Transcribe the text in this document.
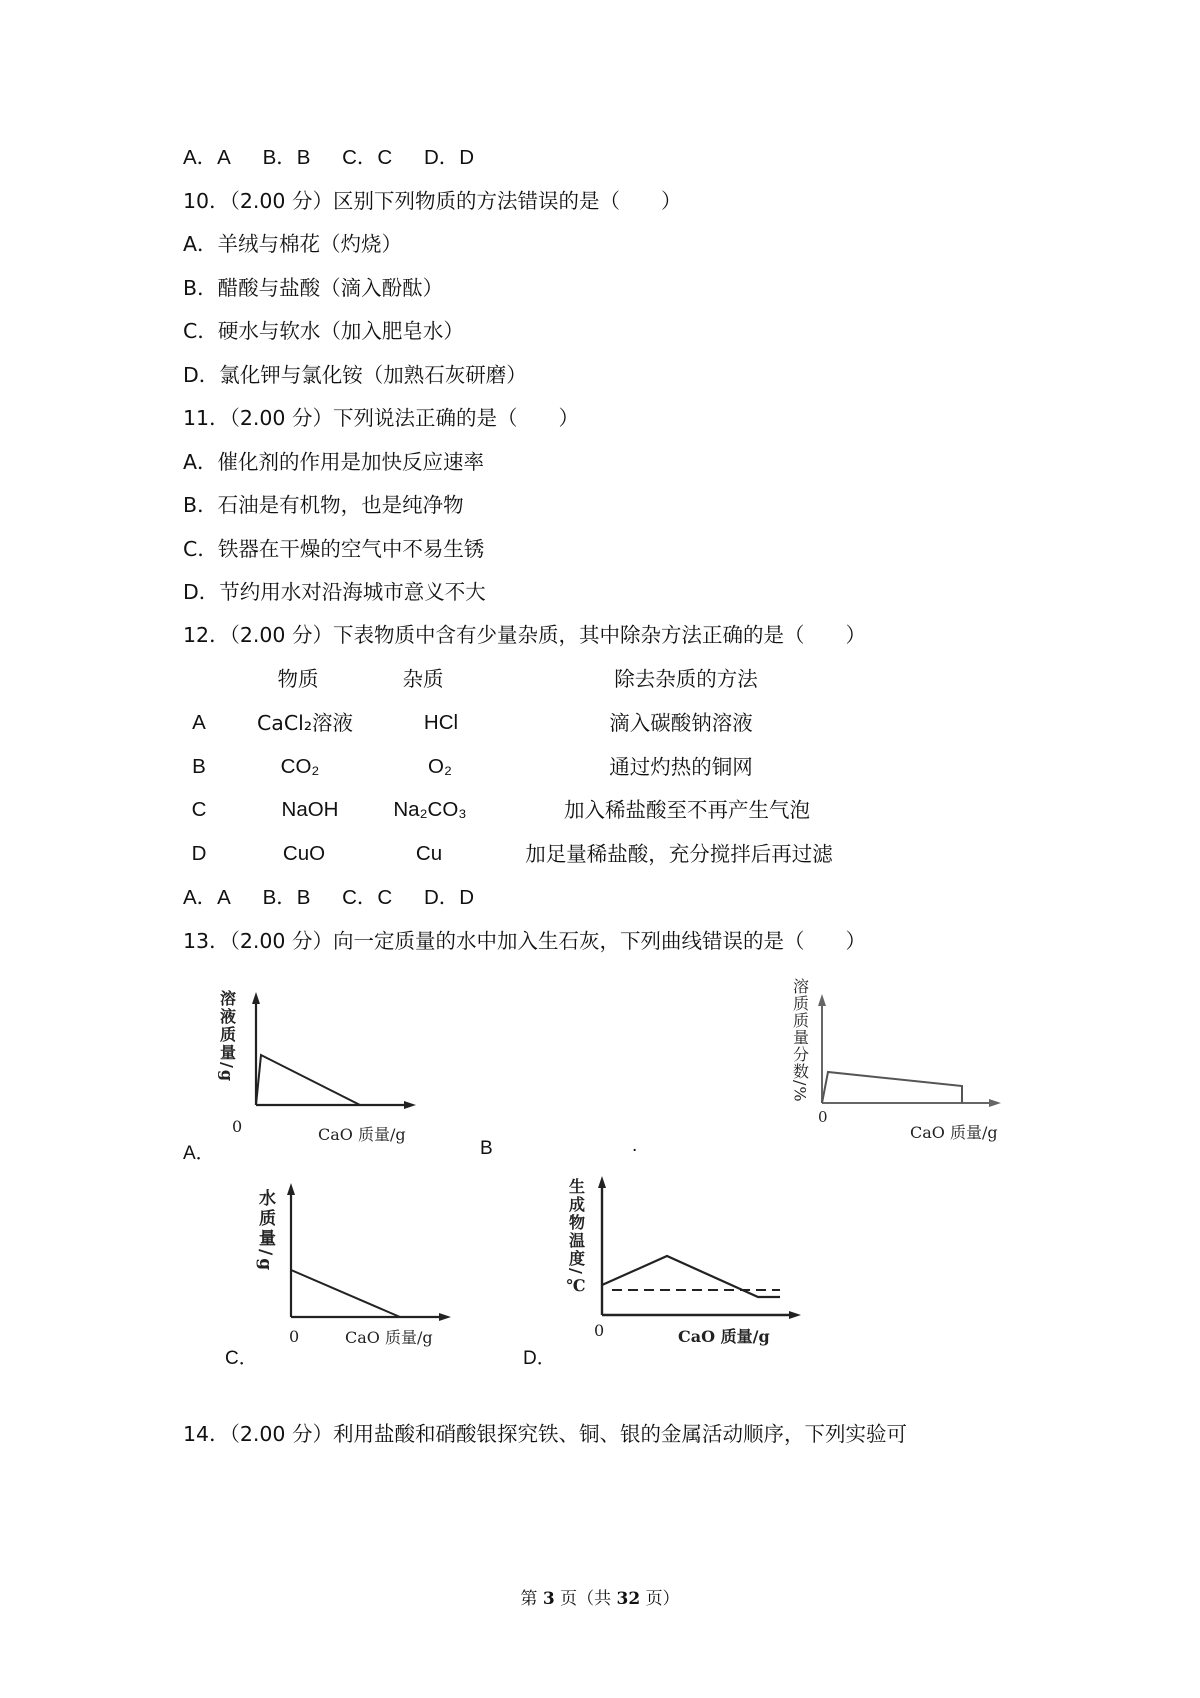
A．A B．B C．C D．D
10．（2.00 分）区别下列物质的方法错误的是（　　）
A．羊绒与棉花（灼烧）
B．醋酸与盐酸（滴入酚酞）
C．硬水与软水（加入肥皂水）
D．氯化钾与氯化铵（加熟石灰研磨）
11．（2.00 分）下列说法正确的是（　　）
A．催化剂的作用是加快反应速率
B．石油是有机物，也是纯净物
C．铁器在干燥的空气中不易生锈
D．节约用水对沿海城市意义不大
12．（2.00 分）下表物质中含有少量杂质，其中除杂方法正确的是（　　）
物质	杂质	除去杂质的方法
A CaCl₂溶液	HCl	滴入碳酸钠溶液
B	CO₂	O₂	通过灼热的铜网
C	NaOH	Na₂CO₃	加入稀盐酸至不再产生气泡
D	CuO	Cu	加足量稀盐酸，充分搅拌后再过滤
A．A B．B C．C D．D
13．（2.00 分）向一定质量的水中加入生石灰，下列曲线错误的是（　　）
A．
溶液质量/g
0	CaO 质量/g
B	.
溶质质量分数/%
0
CaO 质量/g
C．
水质量/g
0	CaO 质量/g
D．
生成物温度/℃
0	CaO 质量/g
14．（2.00 分）利用盐酸和硝酸银探究铁、铜、银的金属活动顺序，下列实验可
第 3 页（共 32 页）
